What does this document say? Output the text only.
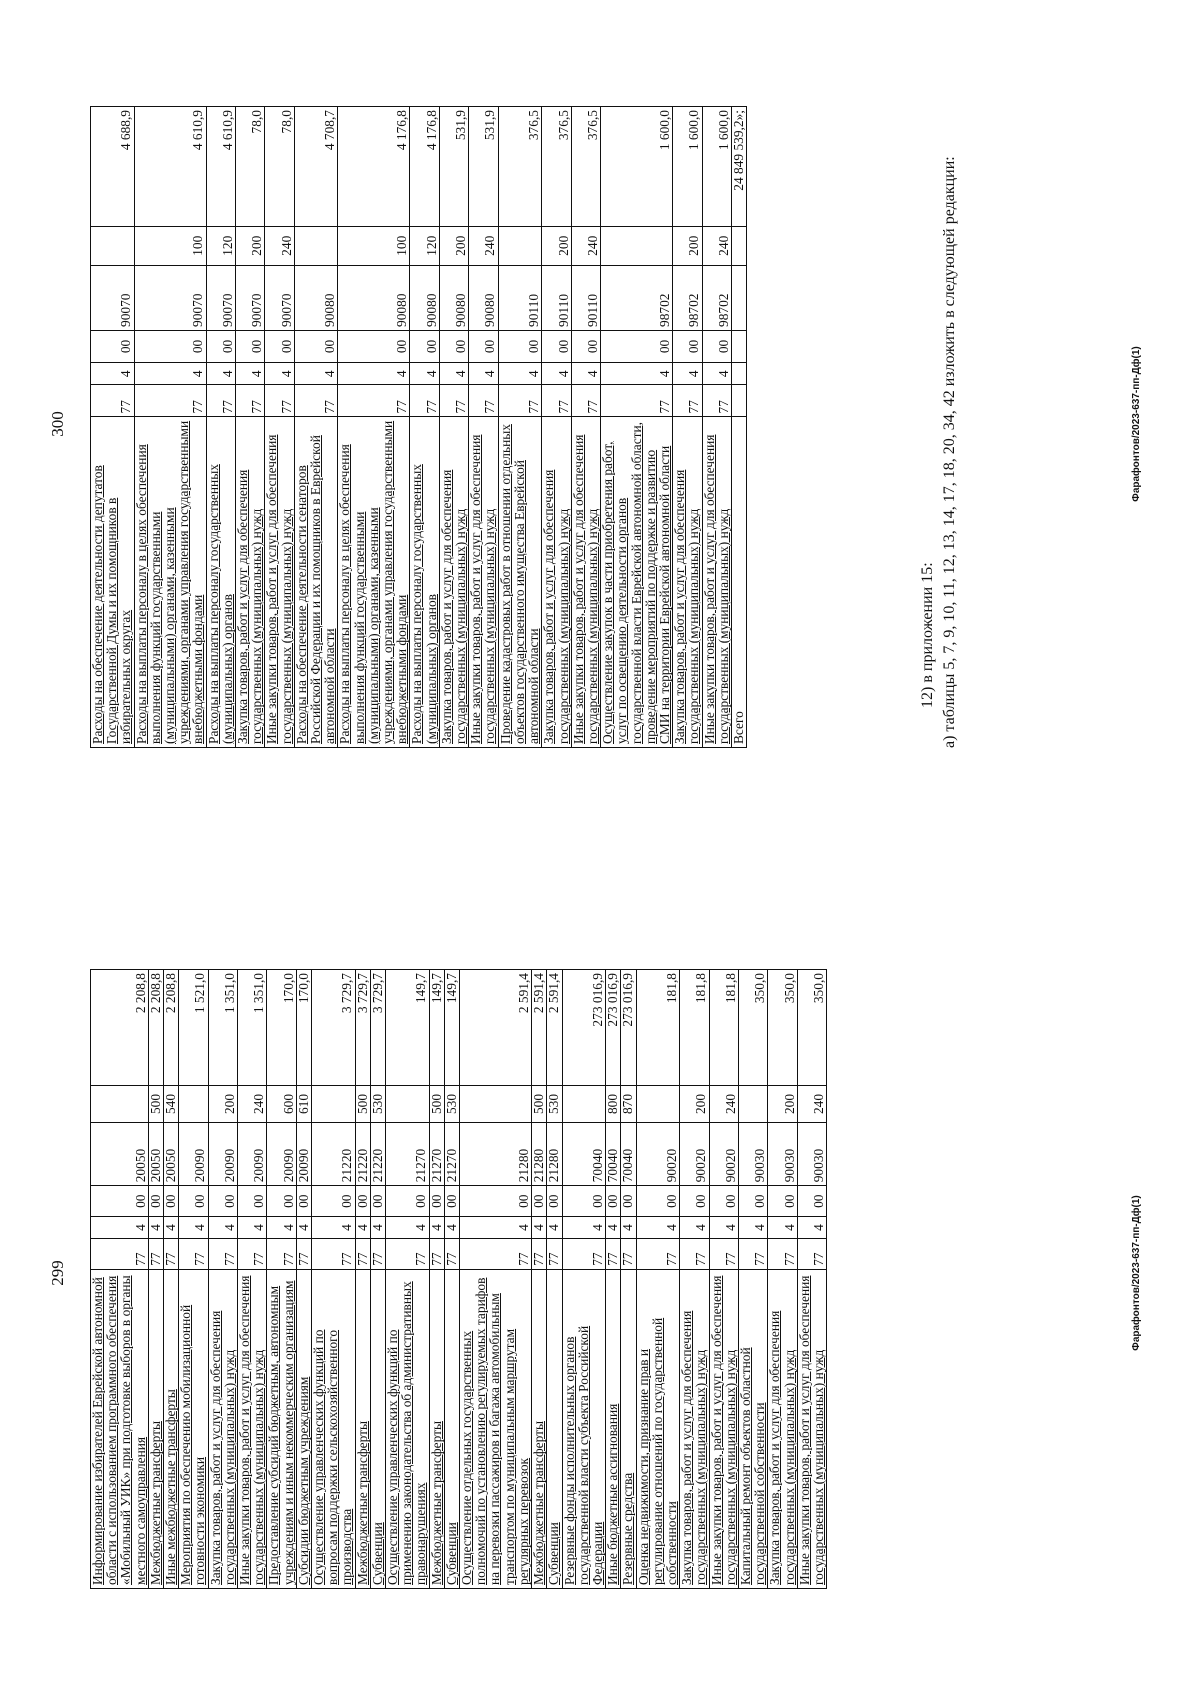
299
Информирование избирателей Еврейской автономной области с использованием программного обеспечения «Мобильный УИК» при подготовке выборов в органы местного самоуправления	77	4	00	20050		2 208,8
Межбюджетные трансферты	77	4	00	20050	500	2 208,8
Иные межбюджетные трансферты	77	4	00	20050	540	2 208,8
Мероприятия по обеспечению мобилизационной готовности экономики	77	4	00	20090		1 521,0
Закупка товаров, работ и услуг для обеспечения государственных (муниципальных) нужд	77	4	00	20090	200	1 351,0
Иные закупки товаров, работ и услуг для обеспечения государственных (муниципальных) нужд	77	4	00	20090	240	1 351,0
Предоставление субсидий бюджетным, автономным учреждениям и иным некоммерческим организациям	77	4	00	20090	600	170,0
Субсидии бюджетным учреждениям	77	4	00	20090	610	170,0
Осуществление управленческих функций по вопросам поддержки сельскохозяйственного производства	77	4	00	21220		3 729,7
Межбюджетные трансферты	77	4	00	21220	500	3 729,7
Субвенции	77	4	00	21220	530	3 729,7
Осуществление управленческих функций по применению законодательства об административных правонарушениях	77	4	00	21270		149,7
Межбюджетные трансферты	77	4	00	21270	500	149,7
Субвенции	77	4	00	21270	530	149,7
Осуществление отдельных государственных полномочий по установлению регулируемых тарифов на перевозки пассажиров и багажа автомобильным транспортом по муниципальным маршрутам регулярных перевозок	77	4	00	21280		2 591,4
Межбюджетные трансферты	77	4	00	21280	500	2 591,4
Субвенции	77	4	00	21280	530	2 591,4
Резервные фонды исполнительных органов государственной власти субъекта Российской Федерации	77	4	00	70040		273 016,9
Иные бюджетные ассигнования	77	4	00	70040	800	273 016,9
Резервные средства	77	4	00	70040	870	273 016,9
Оценка недвижимости, признание прав и регулирование отношений по государственной собственности	77	4	00	90020		181,8
Закупка товаров, работ и услуг для обеспечения государственных (муниципальных) нужд	77	4	00	90020	200	181,8
Иные закупки товаров, работ и услуг для обеспечения государственных (муниципальных) нужд	77	4	00	90020	240	181,8
Капитальный ремонт объектов областной государственной собственности	77	4	00	90030		350,0
Закупка товаров, работ и услуг для обеспечения государственных (муниципальных) нужд	77	4	00	90030	200	350,0
Иные закупки товаров, работ и услуг для обеспечения государственных (муниципальных) нужд	77	4	00	90030	240	350,0
Фарафонтов/2023-637-пп-Дф(1)
300
Расходы на обеспечение деятельности депутатов Государственной Думы и их помощников в избирательных округах	77	4	00	90070		4 688,9
Расходы на выплаты персоналу в целях обеспечения выполнения функций государственными (муниципальными) органами, казенными учреждениями, органами управления государственными внебюджетными фондами	77	4	00	90070	100	4 610,9
Расходы на выплаты персоналу государственных (муниципальных) органов	77	4	00	90070	120	4 610,9
Закупка товаров, работ и услуг для обеспечения государственных (муниципальных) нужд	77	4	00	90070	200	78,0
Иные закупки товаров, работ и услуг для обеспечения государственных (муниципальных) нужд	77	4	00	90070	240	78,0
Расходы на обеспечение деятельности сенаторов Российской Федерации и их помощников в Еврейской автономной области	77	4	00	90080		4 708,7
Расходы на выплаты персоналу в целях обеспечения выполнения функций государственными (муниципальными) органами, казенными учреждениями, органами управления государственными внебюджетными фондами	77	4	00	90080	100	4 176,8
Расходы на выплаты персоналу государственных (муниципальных) органов	77	4	00	90080	120	4 176,8
Закупка товаров, работ и услуг для обеспечения государственных (муниципальных) нужд	77	4	00	90080	200	531,9
Иные закупки товаров, работ и услуг для обеспечения государственных (муниципальных) нужд	77	4	00	90080	240	531,9
Проведение кадастровых работ в отношении отдельных объектов государственного имущества Еврейской автономной области	77	4	00	90110		376,5
Закупка товаров, работ и услуг для обеспечения государственных (муниципальных) нужд	77	4	00	90110	200	376,5
Иные закупки товаров, работ и услуг для обеспечения государственных (муниципальных) нужд	77	4	00	90110	240	376,5
Осуществление закупок в части приобретения работ, услуг по освещению деятельности органов государственной власти Еврейской автономной области, проведение мероприятий по поддержке и развитию СМИ на территории Еврейской автономной области	77	4	00	98702		1 600,0
Закупка товаров, работ и услуг для обеспечения государственных (муниципальных) нужд	77	4	00	98702	200	1 600,0
Иные закупки товаров, работ и услуг для обеспечения государственных (муниципальных) нужд	77	4	00	98702	240	1 600,0
Всего						24 849 539,2»;
12) в приложении 15: а) таблицы 5, 7, 9, 10, 11, 12, 13, 14, 17, 18, 20, 34, 42 изложить в следующей редакции:	Фарафонтов/2023-637-пп-Дф(1)
